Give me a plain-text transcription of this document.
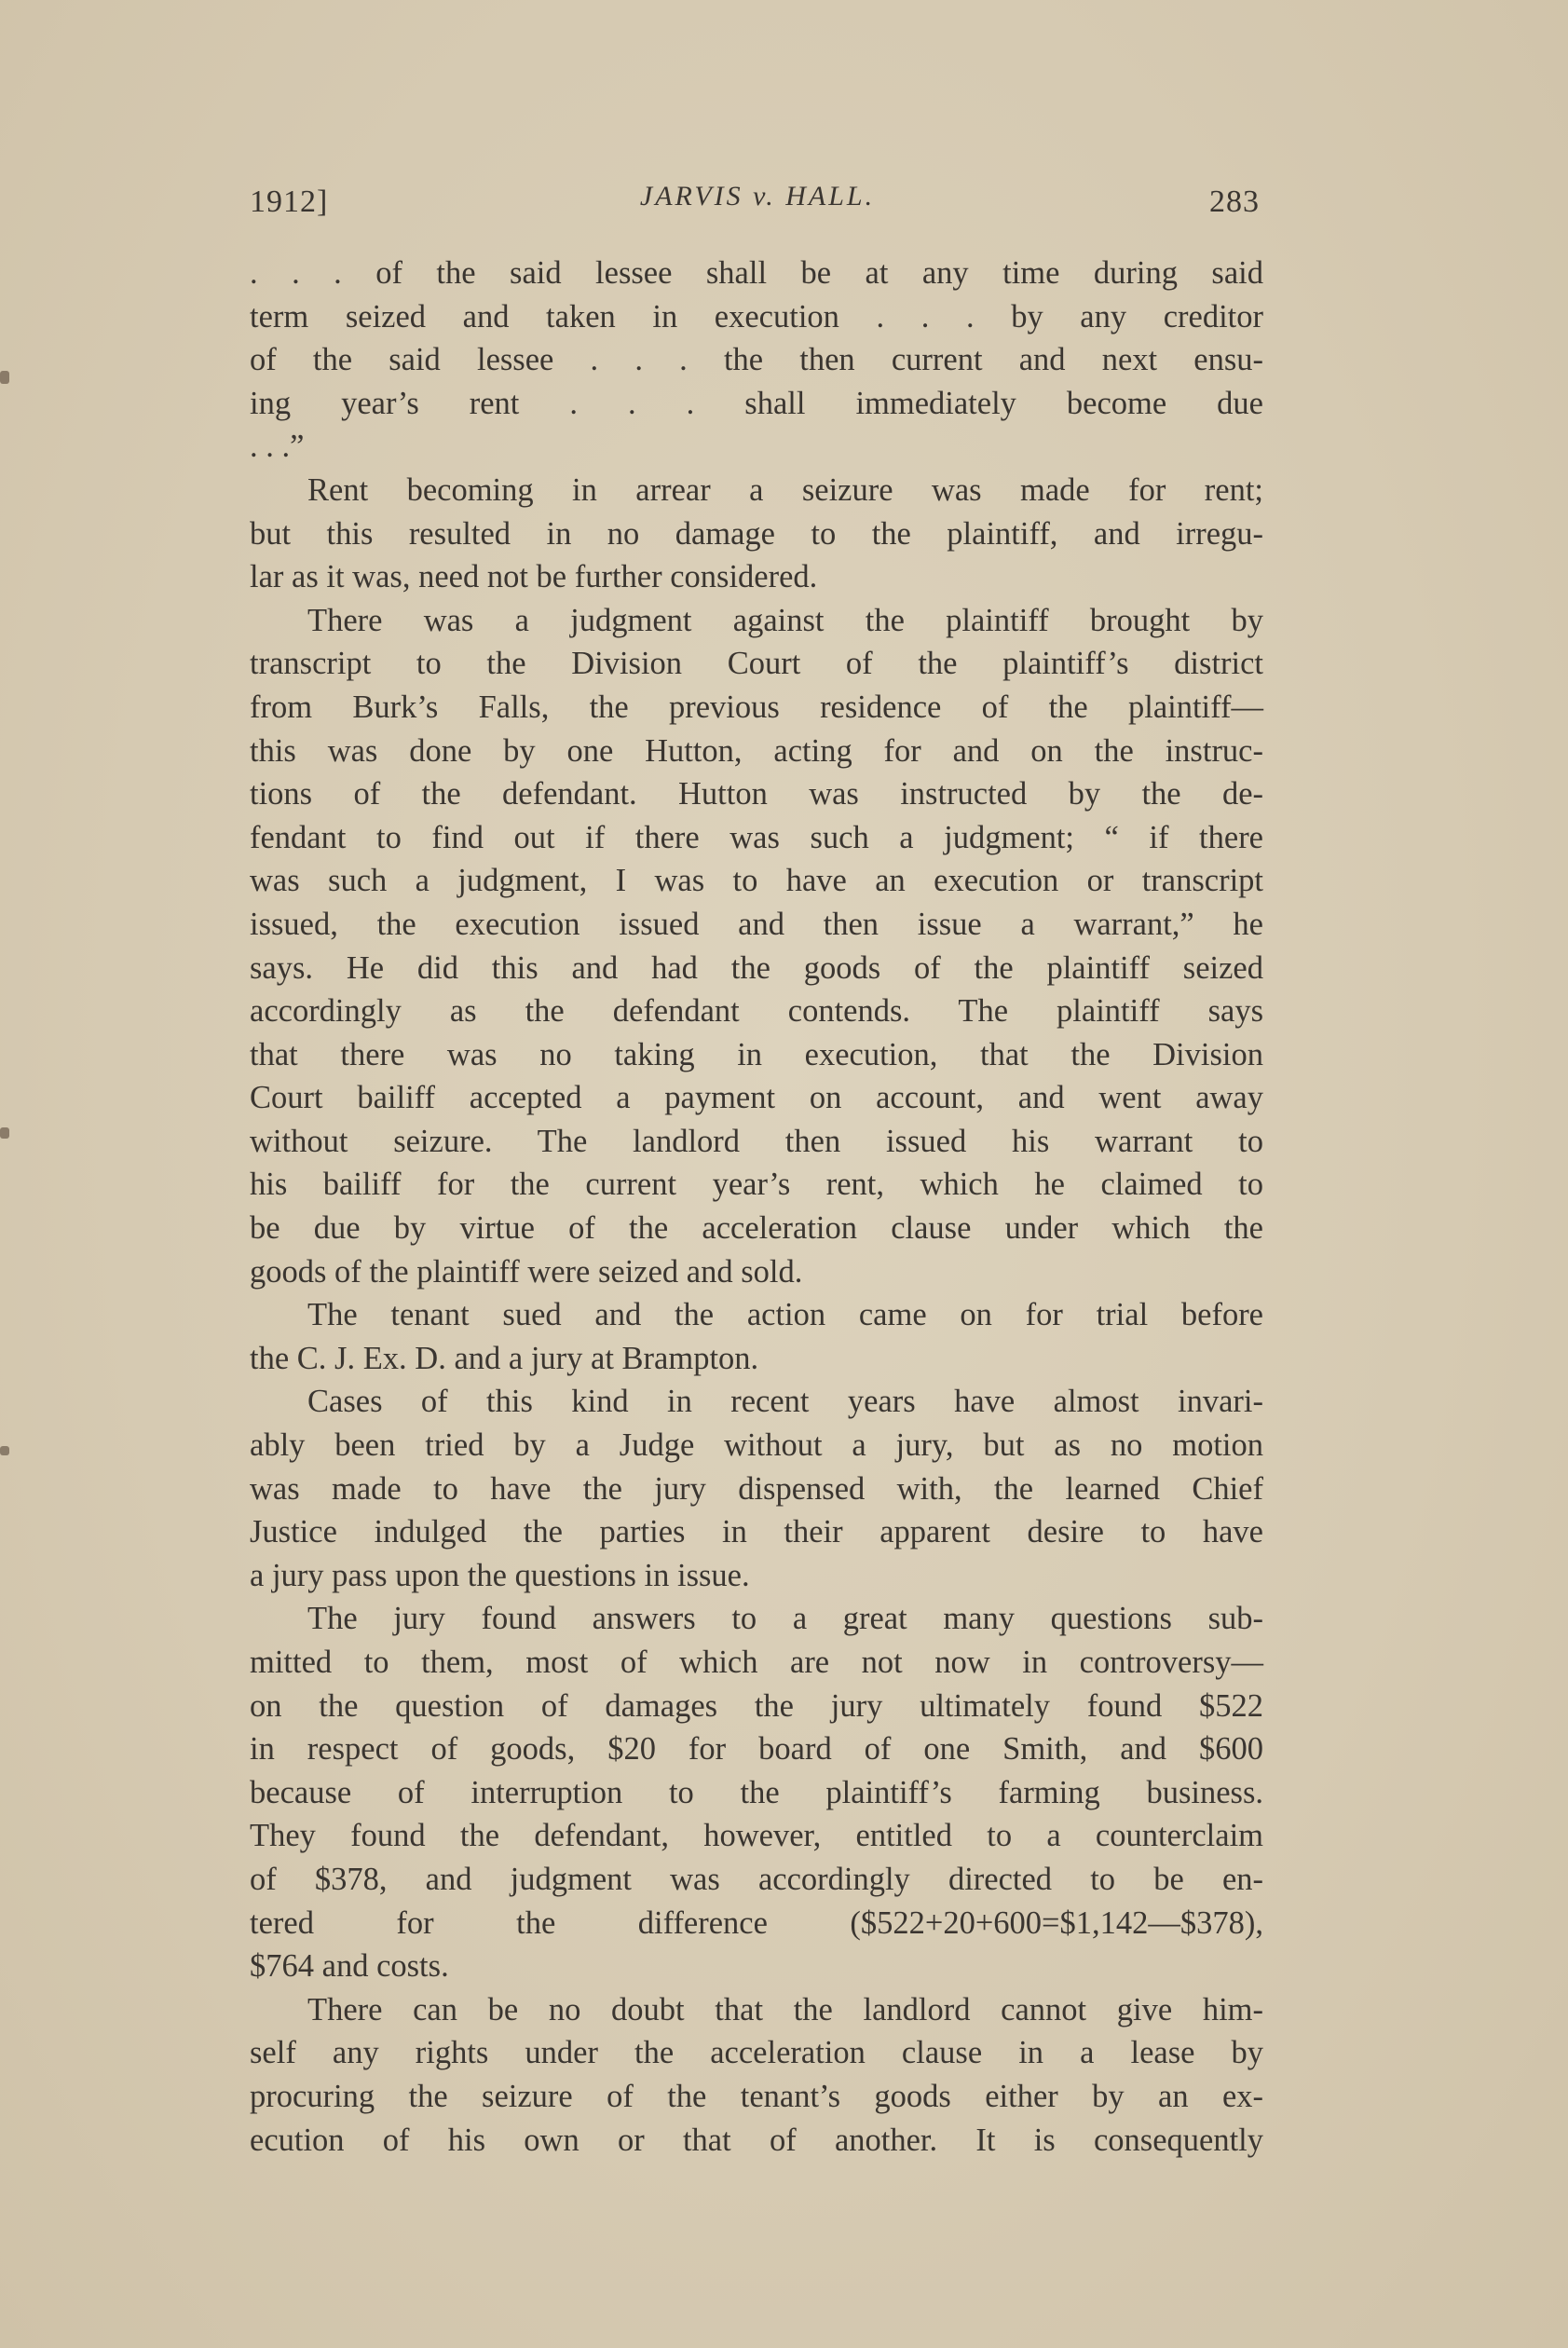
1912]	JARVIS v. HALL.	283

. . . of the said lessee shall be at any time during said
term seized and taken in execution . . . by any creditor
of the said lessee . . . the then current and next ensu-
ing year’s rent . . . shall immediately become due
. . .”

Rent becoming in arrear a seizure was made for rent;
but this resulted in no damage to the plaintiff, and irregu-
lar as it was, need not be further considered.

There was a judgment against the plaintiff brought by
transcript to the Division Court of the plaintiff’s district
from Burk’s Falls, the previous residence of the plaintiff—
this was done by one Hutton, acting for and on the instruc-
tions of the defendant. Hutton was instructed by the de-
fendant to find out if there was such a judgment; “ if there
was such a judgment, I was to have an execution or transcript
issued, the execution issued and then issue a warrant,” he
says. He did this and had the goods of the plaintiff seized
accordingly as the defendant contends. The plaintiff says
that there was no taking in execution, that the Division
Court bailiff accepted a payment on account, and went away
without seizure. The landlord then issued his warrant to
his bailiff for the current year’s rent, which he claimed to
be due by virtue of the acceleration clause under which the
goods of the plaintiff were seized and sold.

The tenant sued and the action came on for trial before
the C. J. Ex. D. and a jury at Brampton.

Cases of this kind in recent years have almost invari-
ably been tried by a Judge without a jury, but as no motion
was made to have the jury dispensed with, the learned Chief
Justice indulged the parties in their apparent desire to have
a jury pass upon the questions in issue.

The jury found answers to a great many questions sub-
mitted to them, most of which are not now in controversy—
on the question of damages the jury ultimately found $522
in respect of goods, $20 for board of one Smith, and $600
because of interruption to the plaintiff’s farming business.
They found the defendant, however, entitled to a counterclaim
of $378, and judgment was accordingly directed to be en-
tered for the difference ($522+20+600=$1,142—$378),
$764 and costs.

There can be no doubt that the landlord cannot give him-
self any rights under the acceleration clause in a lease by
procuring the seizure of the tenant’s goods either by an ex-
ecution of his own or that of another. It is consequently
